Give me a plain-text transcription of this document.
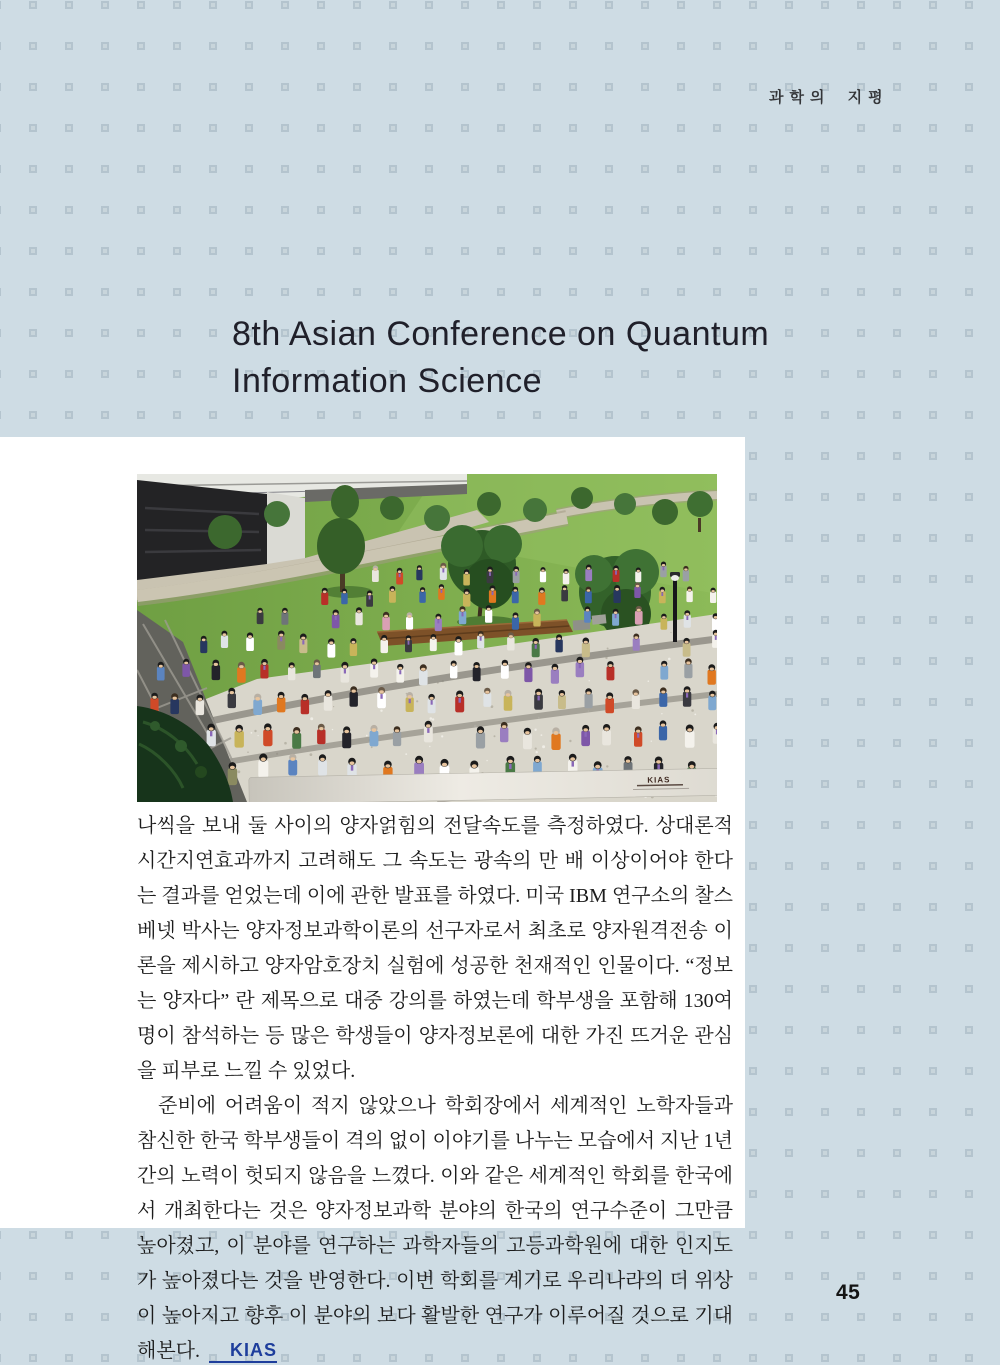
과학의 지평
8th Asian Conference on Quantum
Information Science
KIAS

나씩을 보내 둘 사이의 양자얽힘의 전달속도를 측정하였다. 상대론적 시간지연효과까지 고려해도 그 속도는 광속의 만 배 이상이어야 한다는 결과를 얻었는데 이에 관한 발표를 하였다. 미국 IBM 연구소의 찰스 베넷 박사는 양자정보과학이론의 선구자로서 최초로 양자원격전송 이론을 제시하고 양자암호장치 실험에 성공한 천재적인 인물이다. “정보는 양자다” 란 제목으로 대중 강의를 하였는데 학부생을 포함해 130여명이 참석하는 등 많은 학생들이 양자정보론에 대한 가진 뜨거운 관심을 피부로 느낄 수 있었다.

준비에 어려움이 적지 않았으나 학회장에서 세계적인 노학자들과 참신한 한국 학부생들이 격의 없이 이야기를 나누는 모습에서 지난 1년간의 노력이 헛되지 않음을 느꼈다. 이와 같은 세계적인 학회를 한국에서 개최한다는 것은 양자정보과학 분야의 한국의 연구수준이 그만큼 높아졌고, 이 분야를 연구하는 과학자들의 고등과학원에 대한 인지도가 높아졌다는 것을 반영한다. 이번 학회를 계기로 우리나라의 더 위상이 높아지고 향후 이 분야의 보다 활발한 연구가 이루어질 것으로 기대해본다. KIAS

45
